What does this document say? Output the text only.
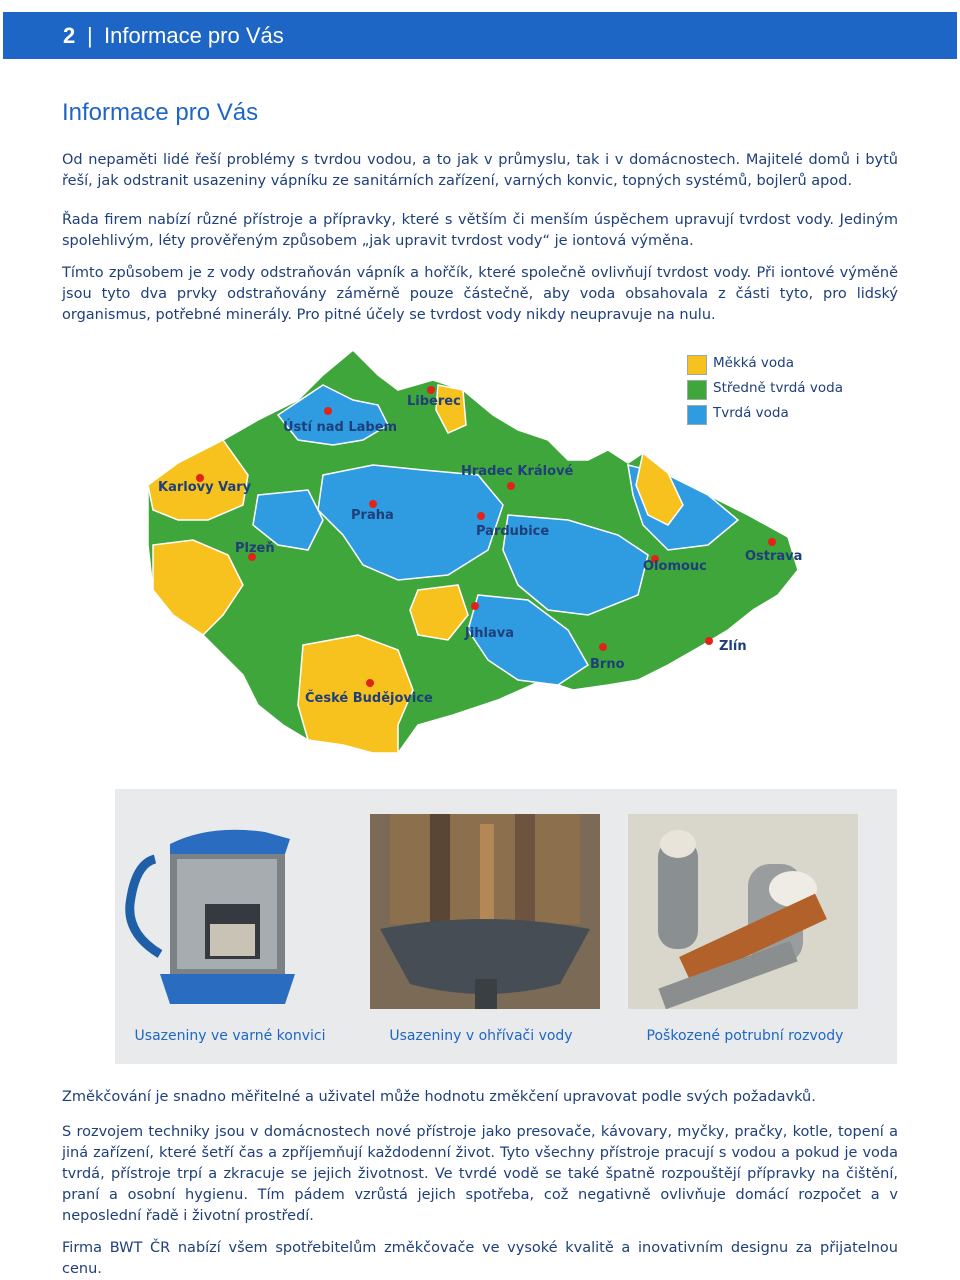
2 | Informace pro Vás
Informace pro Vás
Od nepaměti lidé řeší problémy s tvrdou vodou, a to jak v průmyslu, tak i v domácnostech. Majitelé domů i bytů řeší, jak odstranit usazeniny vápníku ze sanitárních zařízení, varných konvic, topných systémů, bojlerů apod.
Řada firem nabízí různé přístroje a přípravky, které s větším či menším úspěchem upravují tvrdost vody. Jediným spolehlivým, léty prověřeným způsobem „jak upravit tvrdost vody“ je iontová výměna.
Tímto způsobem je z vody odstraňován vápník a hořčík, které společně ovlivňují tvrdost vody. Při iontové výměně jsou tyto dva prvky odstraňovány záměrně pouze částečně, aby voda obsahovala z části tyto, pro lidský organismus, potřebné minerály. Pro pitné účely se tvrdost vody nikdy neupravuje na nulu.
Ústí nad Labem
Liberec
Karlovy Vary
Hradec Králové
Praha
Pardubice
Plzeň
Olomouc
Ostrava
Jihlava
Zlín
Brno
České Budějovice
Měkká voda
Středně tvrdá voda
Tvrdá voda
Usazeniny ve varné konvici	Usazeniny v ohřívači vody	Poškozené potrubní rozvody
Změkčování je snadno měřitelné a uživatel může hodnotu změkčení upravovat podle svých požadavků.
S rozvojem techniky jsou v domácnostech nové přístroje jako presovače, kávovary, myčky, pračky, kotle, topení a jiná zařízení, které šetří čas a zpříjemňují každodenní život. Tyto všechny přístroje pracují s vodou a pokud je voda tvrdá, přístroje trpí a zkracuje se jejich životnost. Ve tvrdé vodě se také špatně rozpouštějí přípravky na čištění, praní a osobní hygienu. Tím pádem vzrůstá jejich spotřeba, což negativně ovlivňuje domácí rozpočet a v neposlední řadě i životní prostředí.
Firma BWT ČR nabízí všem spotřebitelům změkčovače ve vysoké kvalitě a inovativním designu za přijatelnou cenu.
